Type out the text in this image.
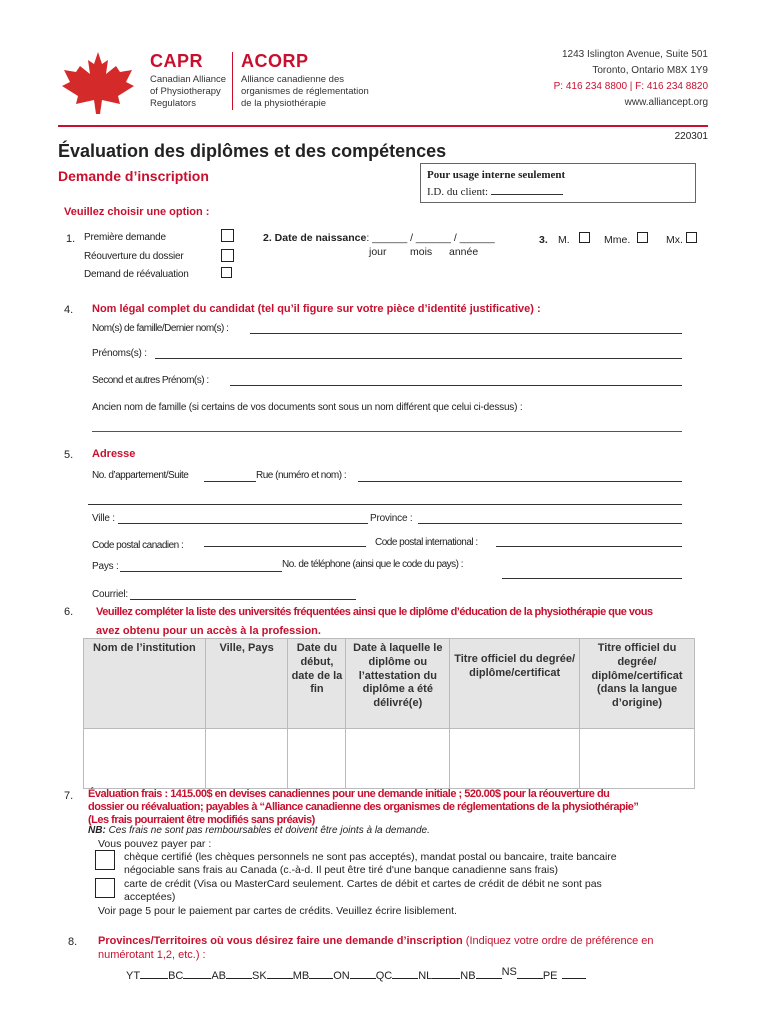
CAPR
Canadian Alliance
of Physiotherapy
Regulators
ACORP
Alliance canadienne des
organismes de réglementation
de la physiothérapie
1243 Islington Avenue, Suite 501
Toronto, Ontario M8X 1Y9
P: 416 234 8800 | F: 416 234 8820
www.alliancept.org
220301
Évaluation des diplômes et des compétences
Demande d’inscription	Pour usage interne seulement
I.D. du client:
Veuillez choisir une option :
1. Première demande
Réouverture du dossier
Demand de réévaluation
2. Date de naissance: ______ / ______ / ______
jour mois année
3. M.	Mme.	Mx.
4. Nom légal complet du candidat (tel qu’il figure sur votre pièce d’identité justificative) :
Nom(s) de famille/Dernier nom(s) :
Prénoms(s) :
Second et autres Prénom(s) :
Ancien nom de famille (si certains de vos documents sont sous un nom différent que celui ci-dessus) :
5. Adresse
No. d’appartement/Suite	Rue (numéro et nom) :
Ville :	Province :
Code postal canadien :	Code postal international :
Pays :	No. de téléphone (ainsi que le code du pays) :
Courriel:
6. Veuillez compléter la liste des universités fréquentées ainsi que le diplôme d’éducation de la physiothérapie que vous
avez obtenu pour un accès à la profession.
Nom de l’institution	Ville, Pays	Date du début, date de la fin	Date à laquelle le diplôme ou l’attestation du diplôme a été délivré(e)	Titre officiel du degrée/ diplôme/certificat	Titre officiel du degrée/ diplôme/certificat (dans la langue d’origine)

7. Évaluation frais : 1415.00$ en devises canadiennes pour une demande initiale ; 520.00$ pour la réouverture du
dossier ou réévaluation; payables à “Alliance canadienne des organismes de réglementations de la physiothérapie”
(Les frais pourraient être modifiés sans préavis)
NB: Ces frais ne sont pas remboursables et doivent être joints à la demande.
Vous pouvez payer par :
chèque certifié (les chèques personnels ne sont pas acceptés), mandat postal ou bancaire, traite bancaire
négociable sans frais au Canada (c.-à-d. Il peut être tiré d'une banque canadienne sans frais)
carte de crédit (Visa ou MasterCard seulement. Cartes de débit et cartes de crédit de débit ne sont pas
acceptées)
Voir page 5 pour le paiement par cartes de crédits. Veuillez écrire lisiblement.
8. Provinces/Territoires où vous désirez faire une demande d’inscription (Indiquez votre ordre de préférence en
numérotant 1,2, etc.) :
YT	BC	AB SK MB ON QC NL	NB NS PE
